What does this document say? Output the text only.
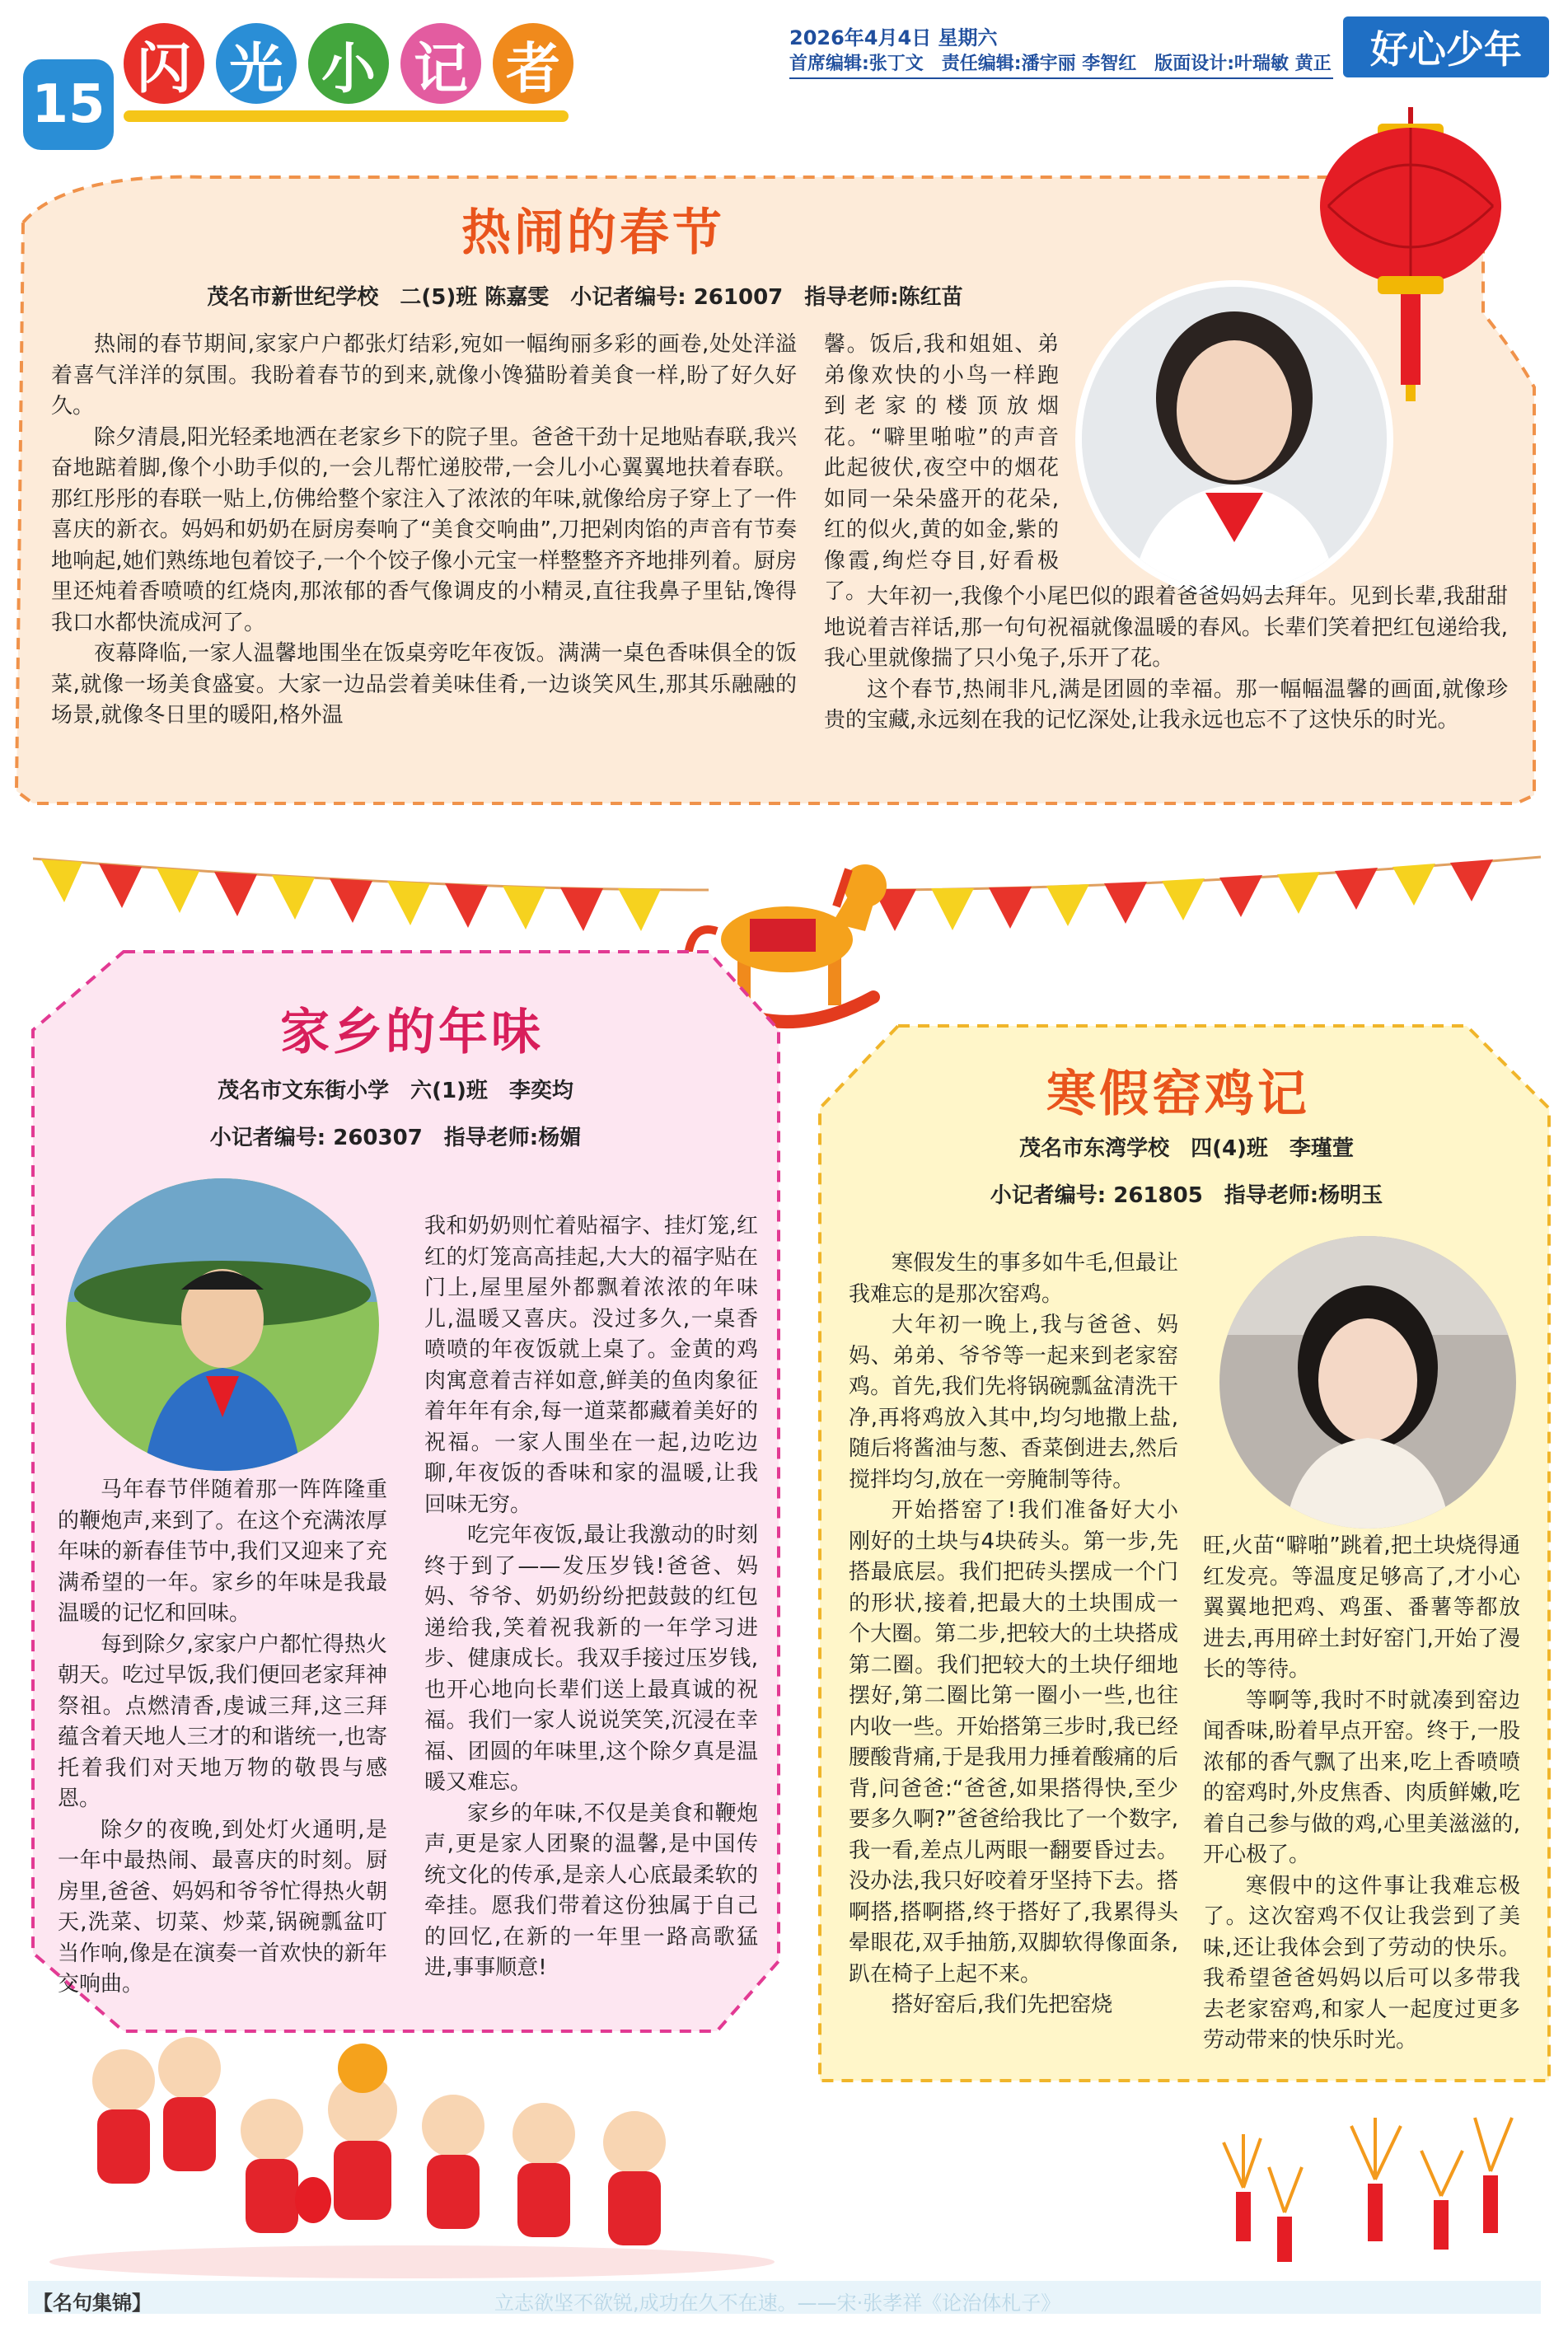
15
闪 光 小 记 者	2026年4月4日 星期六
首席编辑:张丁文　责任编辑:潘宇丽 李智红　版面设计:叶瑞敏 黄正	好心少年
热闹的春节
茂名市新世纪学校　二(5)班 陈嘉雯　小记者编号: 261007　指导老师:陈红苗

热闹的春节期间,家家户户都张灯结彩,宛如一幅绚丽多彩的画卷,处处洋溢着喜气洋洋的氛围。我盼着春节的到来,就像小馋猫盼着美食一样,盼了好久好久。

除夕清晨,阳光轻柔地洒在老家乡下的院子里。爸爸干劲十足地贴春联,我兴奋地踮着脚,像个小助手似的,一会儿帮忙递胶带,一会儿小心翼翼地扶着春联。那红彤彤的春联一贴上,仿佛给整个家注入了浓浓的年味,就像给房子穿上了一件喜庆的新衣。妈妈和奶奶在厨房奏响了“美食交响曲”,刀把剁肉馅的声音有节奏地响起,她们熟练地包着饺子,一个个饺子像小元宝一样整整齐齐地排列着。厨房里还炖着香喷喷的红烧肉,那浓郁的香气像调皮的小精灵,直往我鼻子里钻,馋得我口水都快流成河了。

夜幕降临,一家人温馨地围坐在饭桌旁吃年夜饭。满满一桌色香味俱全的饭菜,就像一场美食盛宴。大家一边品尝着美味佳肴,一边谈笑风生,那其乐融融的场景,就像冬日里的暖阳,格外温

馨。饭后,我和姐姐、弟弟像欢快的小鸟一样跑到老家的楼顶放烟花。“噼里啪啦”的声音此起彼伏,夜空中的烟花如同一朵朵盛开的花朵,红的似火,黄的如金,紫的像霞,绚烂夺目,好看极了。 大年初一,我像个小尾巴似的跟着爸爸妈妈去拜年。见到长辈,我甜甜地说着吉祥话,那一句句祝福就像温暖的春风。长辈们笑着把红包递给我,我心里就像揣了只小兔子,乐开了花。

这个春节,热闹非凡,满是团圆的幸福。那一幅幅温馨的画面,就像珍贵的宝藏,永远刻在我的记忆深处,让我永远也忘不了这快乐的时光。

家乡的年味
茂名市文东街小学　六(1)班　李奕均
小记者编号: 260307　指导老师:杨媚

马年春节伴随着那一阵阵隆重的鞭炮声,来到了。在这个充满浓厚年味的新春佳节中,我们又迎来了充满希望的一年。家乡的年味是我最温暖的记忆和回味。

每到除夕,家家户户都忙得热火朝天。吃过早饭,我们便回老家拜神祭祖。点燃清香,虔诚三拜,这三拜蕴含着天地人三才的和谐统一,也寄托着我们对天地万物的敬畏与感恩。

除夕的夜晚,到处灯火通明,是一年中最热闹、最喜庆的时刻。厨房里,爸爸、妈妈和爷爷忙得热火朝天,洗菜、切菜、炒菜,锅碗瓢盆叮当作响,像是在演奏一首欢快的新年交响曲。

我和奶奶则忙着贴福字、挂灯笼,红红的灯笼高高挂起,大大的福字贴在门上,屋里屋外都飘着浓浓的年味儿,温暖又喜庆。没过多久,一桌香喷喷的年夜饭就上桌了。金黄的鸡肉寓意着吉祥如意,鲜美的鱼肉象征着年年有余,每一道菜都藏着美好的祝福。一家人围坐在一起,边吃边聊,年夜饭的香味和家的温暖,让我回味无穷。

吃完年夜饭,最让我激动的时刻终于到了——发压岁钱!爸爸、妈妈、爷爷、奶奶纷纷把鼓鼓的红包递给我,笑着祝我新的一年学习进步、健康成长。我双手接过压岁钱,也开心地向长辈们送上最真诚的祝福。我们一家人说说笑笑,沉浸在幸福、团圆的年味里,这个除夕真是温暖又难忘。

家乡的年味,不仅是美食和鞭炮声,更是家人团聚的温馨,是中国传统文化的传承,是亲人心底最柔软的牵挂。愿我们带着这份独属于自己的回忆,在新的一年里一路高歌猛进,事事顺意!

寒假窑鸡记
茂名市东湾学校　四(4)班　李瑾萱
小记者编号: 261805　指导老师:杨明玉

寒假发生的事多如牛毛,但最让我难忘的是那次窑鸡。

大年初一晚上,我与爸爸、妈妈、弟弟、爷爷等一起来到老家窑鸡。首先,我们先将锅碗瓢盆清洗干净,再将鸡放入其中,均匀地撒上盐,随后将酱油与葱、香菜倒进去,然后搅拌均匀,放在一旁腌制等待。

开始搭窑了!我们准备好大小刚好的土块与4块砖头。第一步,先搭最底层。我们把砖头摆成一个门的形状,接着,把最大的土块围成一个大圈。第二步,把较大的土块搭成第二圈。我们把较大的土块仔细地摆好,第二圈比第一圈小一些,也往内收一些。开始搭第三步时,我已经腰酸背痛,于是我用力捶着酸痛的后背,问爸爸:“爸爸,如果搭得快,至少要多久啊?”爸爸给我比了一个数字,我一看,差点儿两眼一翻要昏过去。没办法,我只好咬着牙坚持下去。搭啊搭,搭啊搭,终于搭好了,我累得头晕眼花,双手抽筋,双脚软得像面条,趴在椅子上起不来。

搭好窑后,我们先把窑烧

旺,火苗“噼啪”跳着,把土块烧得通红发亮。等温度足够高了,才小心翼翼地把鸡、鸡蛋、番薯等都放进去,再用碎土封好窑门,开始了漫长的等待。

等啊等,我时不时就凑到窑边闻香味,盼着早点开窑。终于,一股浓郁的香气飘了出来,吃上香喷喷的窑鸡时,外皮焦香、肉质鲜嫩,吃着自己参与做的鸡,心里美滋滋的,开心极了。

寒假中的这件事让我难忘极了。这次窑鸡不仅让我尝到了美味,还让我体会到了劳动的快乐。我希望爸爸妈妈以后可以多带我去老家窑鸡,和家人一起度过更多劳动带来的快乐时光。

【名句集锦】	立志欲坚不欲锐,成功在久不在速。——宋·张孝祥《论治体札子》
